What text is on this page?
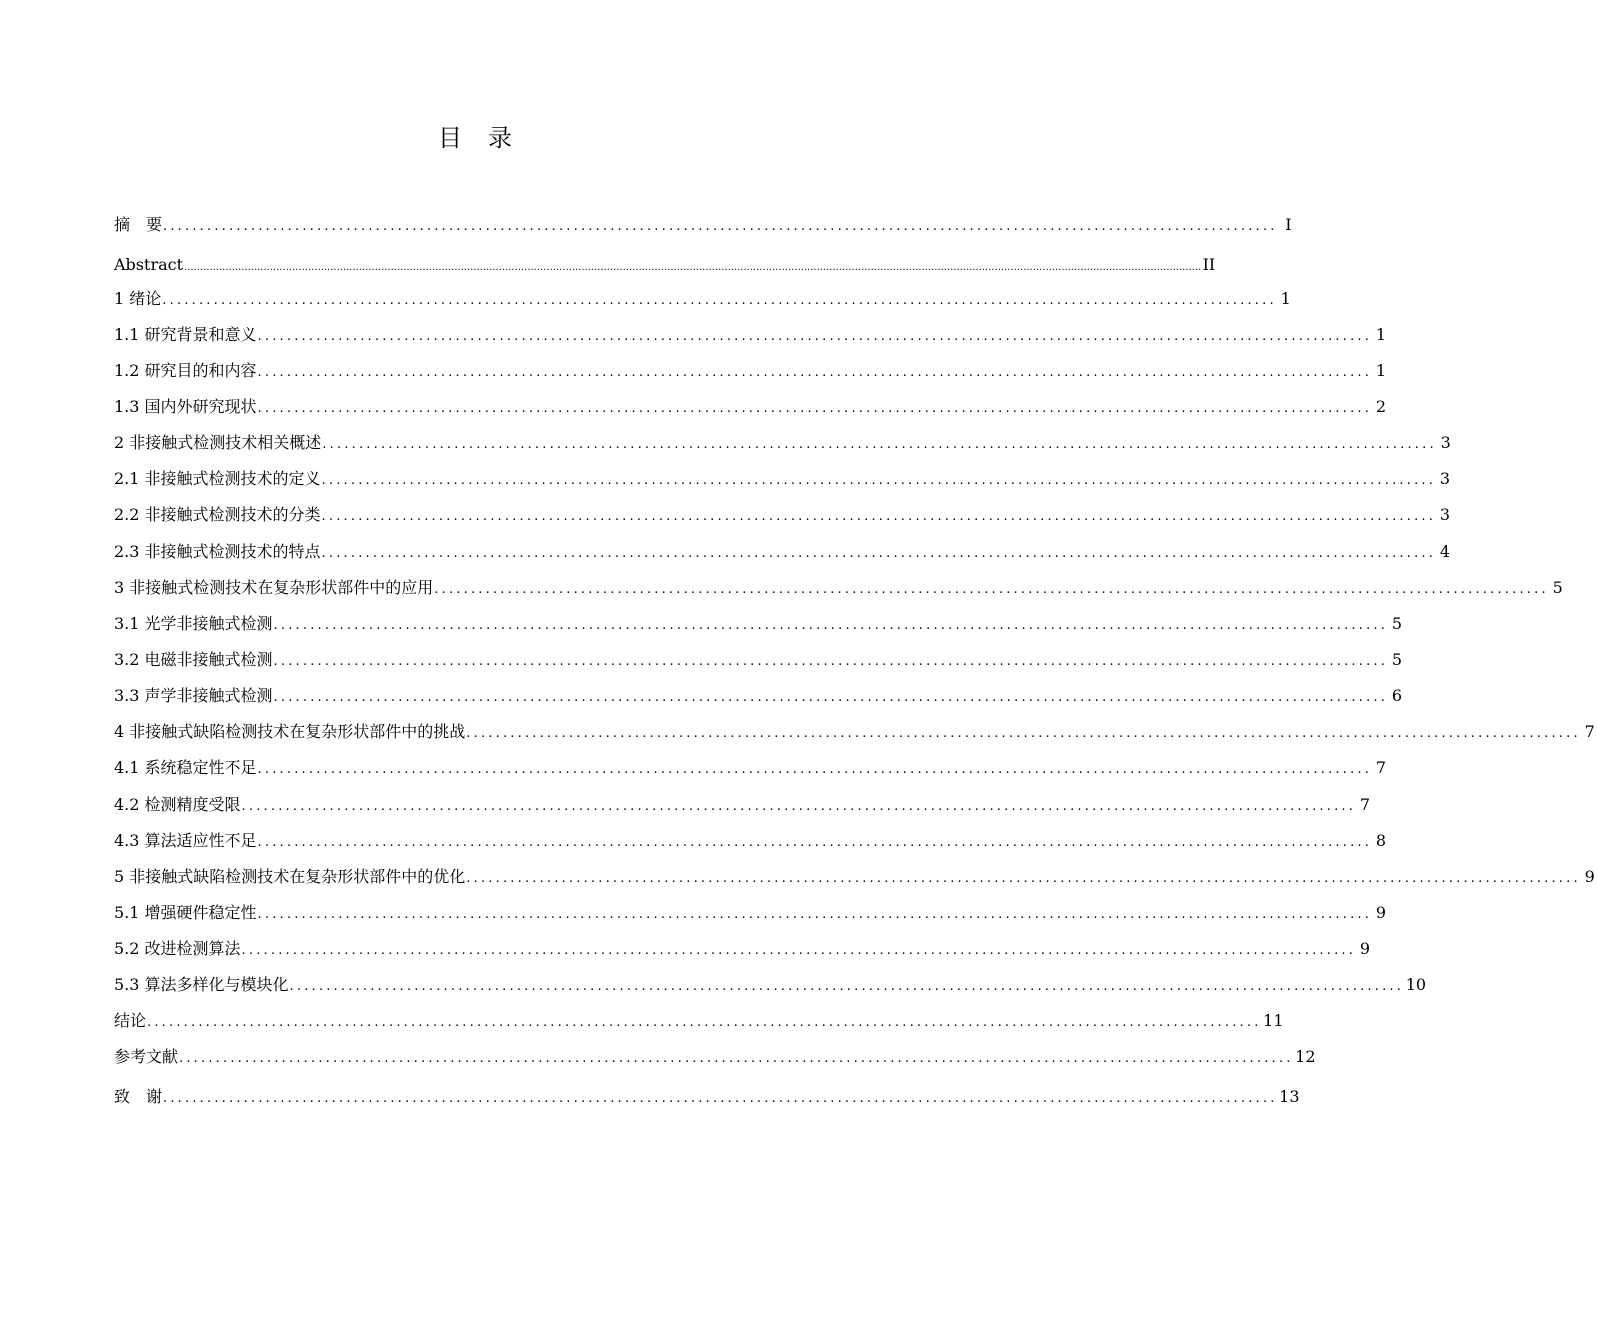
目 录
摘　要 ........................................................................................................................................................ I
Abstract ................................................................................................................................................................................................................................................................................................................................ II
1 绪论 ........................................................................................................................................................ 1
1.1 研究背景和意义 ........................................................................................................................................................ 1
1.2 研究目的和内容 ........................................................................................................................................................ 1
1.3 国内外研究现状 ........................................................................................................................................................ 2
2 非接触式检测技术相关概述 ........................................................................................................................................................ 3
2.1 非接触式检测技术的定义 ........................................................................................................................................................ 3
2.2 非接触式检测技术的分类 ........................................................................................................................................................ 3
2.3 非接触式检测技术的特点 ........................................................................................................................................................ 4
3 非接触式检测技术在复杂形状部件中的应用 ........................................................................................................................................................ 5
3.1 光学非接触式检测 ........................................................................................................................................................ 5
3.2 电磁非接触式检测 ........................................................................................................................................................ 5
3.3 声学非接触式检测 ........................................................................................................................................................ 6
4 非接触式缺陷检测技术在复杂形状部件中的挑战 ........................................................................................................................................................ 7
4.1 系统稳定性不足 ........................................................................................................................................................ 7
4.2 检测精度受限 ........................................................................................................................................................ 7
4.3 算法适应性不足 ........................................................................................................................................................ 8
5 非接触式缺陷检测技术在复杂形状部件中的优化 ........................................................................................................................................................ 9
5.1 增强硬件稳定性 ........................................................................................................................................................ 9
5.2 改进检测算法 ........................................................................................................................................................ 9
5.3 算法多样化与模块化 ........................................................................................................................................................ 10
结论 ........................................................................................................................................................ 11
参考文献 ........................................................................................................................................................ 12
致　谢 ........................................................................................................................................................ 13
